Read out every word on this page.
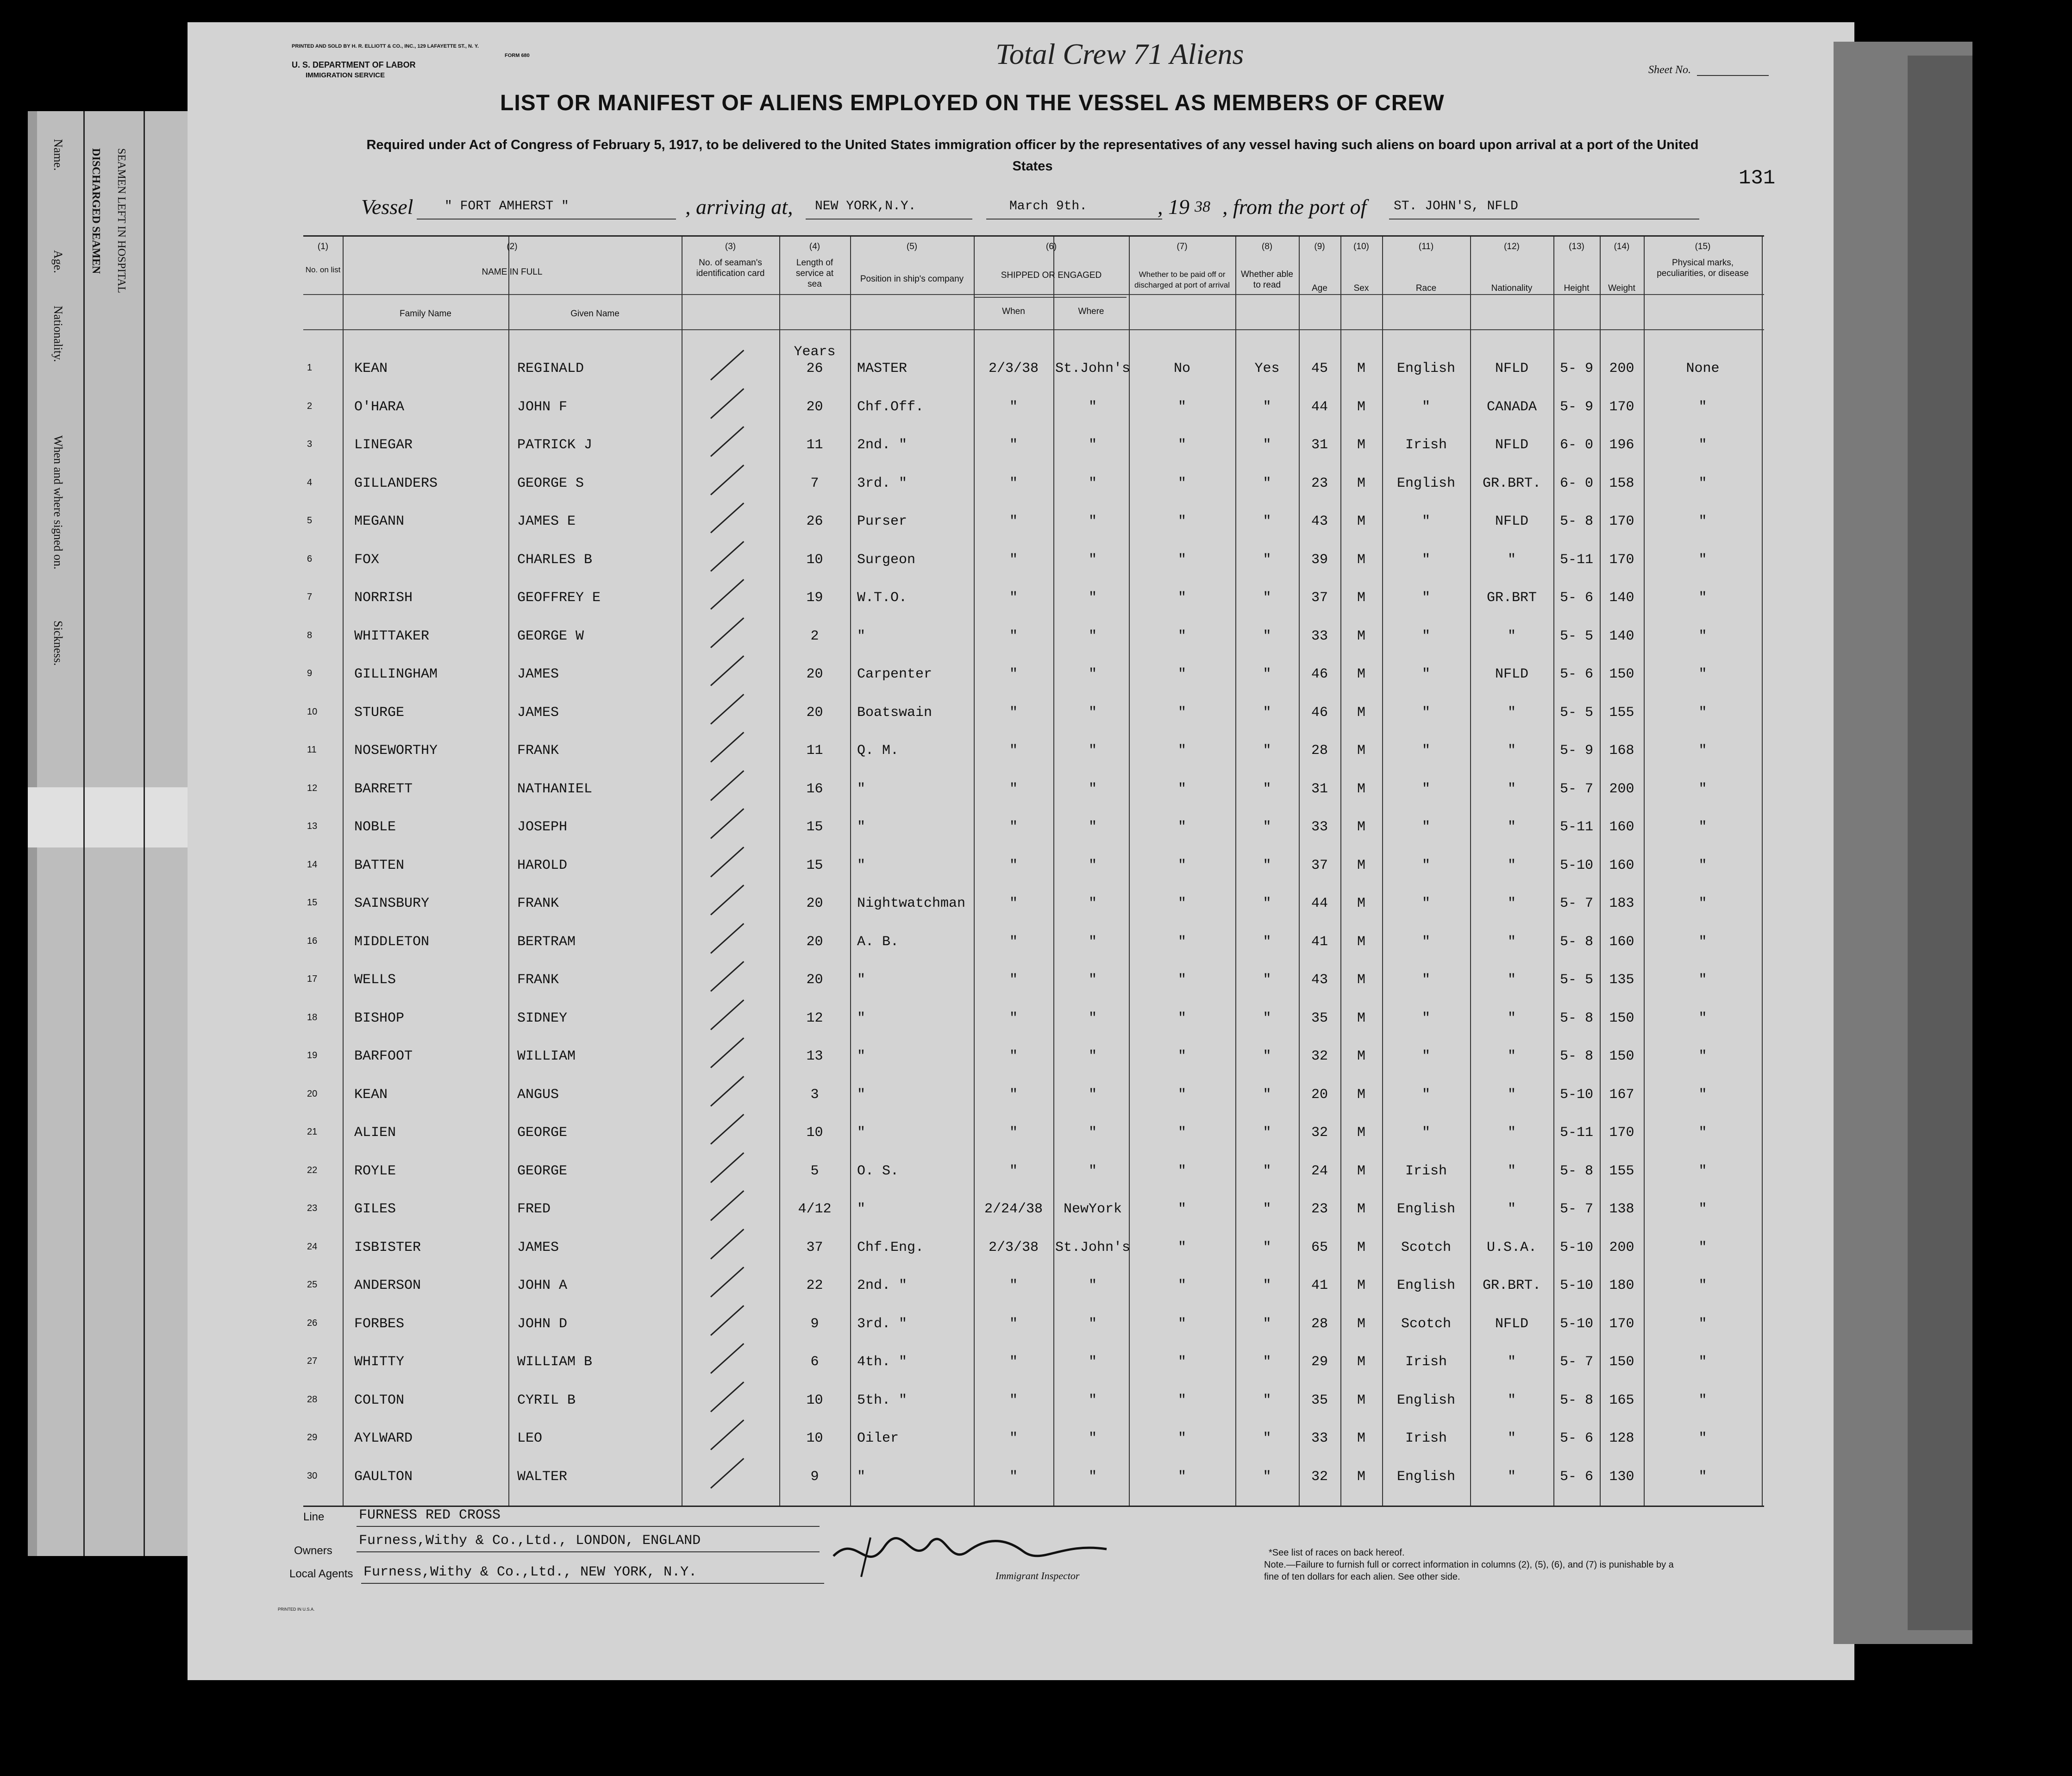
Name.
Age.
Nationality.
When and where signed on.
Sickness.
DISCHARGED SEAMEN SEAMEN LEFT IN HOSPITAL
PRINTED AND SOLD BY H. R. ELLIOTT & CO., INC., 129 LAFAYETTE ST., N. Y.
FORM 680
U. S. DEPARTMENT OF LABOR
IMMIGRATION SERVICE
Total Crew 71 Aliens	Sheet No.
LIST OR MANIFEST OF ALIENS EMPLOYED ON THE VESSEL AS MEMBERS OF CREW
Required under Act of Congress of February 5, 1917, to be delivered to the United States immigration officer by the representatives of any vessel having such aliens on board upon arrival at a port of the United States
131
Vessel " FORT AMHERST "	, arriving at, NEW YORK,N.Y.	March 9th.	, 19 38 , from the port of ST. JOHN'S, NFLD
(1)
No. on list
(2)
NAME IN FULL
Family Name	Given Name
(3)
No. of seaman's identification card
(4)
Length of service at sea
(5)
Position in ship's company
(6)
SHIPPED OR ENGAGED
When	Where
(7)
Whether to be paid off or discharged at port of arrival
(8)
Whether able to read
(9)
Age
(10)
Sex
(11)
Race
(12)
Nationality
(13)
Height
(14)
Weight
(15)
Physical marks, peculiarities, or disease
Years
1	KEAN	REGINALD	26	MASTER	2/3/38	St.John's	No	Yes	45	M	English	NFLD	5- 9	200	None
2	O'HARA	JOHN F	20	Chf.Off.	"	"	"	"	44	M	"	CANADA	5- 9	170	"
3	LINEGAR	PATRICK J	11	2nd. "	"	"	"	"	31	M	Irish	NFLD	6- 0	196	"
4	GILLANDERS	GEORGE S	7	3rd. "	"	"	"	"	23	M	English	GR.BRT.	6- 0	158	"
5	MEGANN	JAMES E	26	Purser	"	"	"	"	43	M	"	NFLD	5- 8	170	"
6	FOX	CHARLES B	10	Surgeon	"	"	"	"	39	M	"	"	5-11	170	"
7	NORRISH	GEOFFREY E	19	W.T.O.	"	"	"	"	37	M	"	GR.BRT	5- 6	140	"
8	WHITTAKER	GEORGE W	2	"	"	"	"	"	33	M	"	"	5- 5	140	"
9	GILLINGHAM	JAMES	20	Carpenter	"	"	"	"	46	M	"	NFLD	5- 6	150	"
10	STURGE	JAMES	20	Boatswain	"	"	"	"	46	M	"	"	5- 5	155	"
11	NOSEWORTHY	FRANK	11	Q. M.	"	"	"	"	28	M	"	"	5- 9	168	"
12	BARRETT	NATHANIEL	16	"	"	"	"	"	31	M	"	"	5- 7	200	"
13	NOBLE	JOSEPH	15	"	"	"	"	"	33	M	"	"	5-11	160	"
14	BATTEN	HAROLD	15	"	"	"	"	"	37	M	"	"	5-10	160	"
15	SAINSBURY	FRANK	20	Nightwatchman	"	"	"	"	44	M	"	"	5- 7	183	"
16	MIDDLETON	BERTRAM	20	A. B.	"	"	"	"	41	M	"	"	5- 8	160	"
17	WELLS	FRANK	20	"	"	"	"	"	43	M	"	"	5- 5	135	"
18	BISHOP	SIDNEY	12	"	"	"	"	"	35	M	"	"	5- 8	150	"
19	BARFOOT	WILLIAM	13	"	"	"	"	"	32	M	"	"	5- 8	150	"
20	KEAN	ANGUS	3	"	"	"	"	"	20	M	"	"	5-10	167	"
21	ALIEN	GEORGE	10	"	"	"	"	"	32	M	"	"	5-11	170	"
22	ROYLE	GEORGE	5	O. S.	"	"	"	"	24	M	Irish	"	5- 8	155	"
23	GILES	FRED	4/12	"	2/24/38	NewYork	"	"	23	M	English	"	5- 7	138	"
24	ISBISTER	JAMES	37	Chf.Eng.	2/3/38	St.John's	"	"	65	M	Scotch	U.S.A.	5-10	200	"
25	ANDERSON	JOHN A	22	2nd. "	"	"	"	"	41	M	English	GR.BRT.	5-10	180	"
26	FORBES	JOHN D	9	3rd. "	"	"	"	"	28	M	Scotch	NFLD	5-10	170	"
27	WHITTY	WILLIAM B	6	4th. "	"	"	"	"	29	M	Irish	"	5- 7	150	"
28	COLTON	CYRIL B	10	5th. "	"	"	"	"	35	M	English	"	5- 8	165	"
29	AYLWARD	LEO	10	Oiler	"	"	"	"	33	M	Irish	"	5- 6	128	"
30	GAULTON	WALTER	9	"	"	"	"	"	32	M	English	"	5- 6	130	"
Line FURNESS RED CROSS
Owners
Furness,Withy & Co.,Ltd., LONDON, ENGLAND
Local Agents Furness,Withy & Co.,Ltd., NEW YORK, N.Y.	Immigrant Inspector
*See list of races on back hereof.
Note.—Failure to furnish full or correct information in columns (2), (5), (6), and (7) is punishable by a fine of ten dollars for each alien. See other side.
PRINTED IN U.S.A.
